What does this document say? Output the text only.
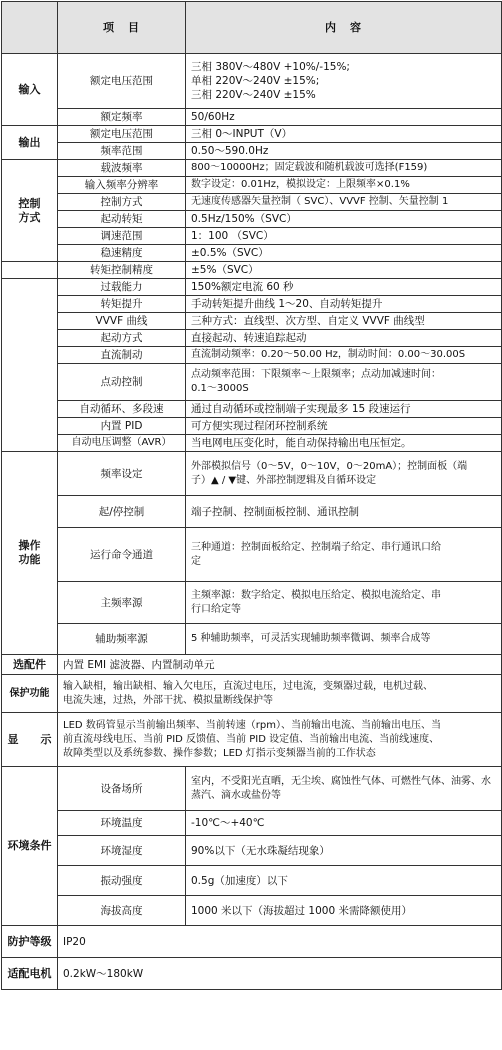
	项目	内容
输入	额定电压范围	三相 380V～480V +10%/-15%;
单相 220V～240V ±15%;
三相 220V～240V ±15%

	额定频率	50/60Hz
输出	额定电压范围	三相 0～INPUT（V）
	频率范围	0.50～590.0Hz

控制
方式	载波频率	800～10000Hz；固定载波和随机载波可选择(F159)
	输入频率分辨率	数字设定：0.01Hz，模拟设定：上限频率×0.1%
	控制方式	无速度传感器矢量控制（ SVC）、VVVF 控制、矢量控制 1
	起动转矩	0.5Hz/150%（SVC）
	调速范围	1：100 （SVC）
	稳速精度	±0.5%（SVC）
	转矩控制精度	±5%（SVC）
	过载能力	150%额定电流 60 秒
	转矩提升	手动转矩提升曲线 1～20、自动转矩提升
	VVVF 曲线	三种方式：直线型、次方型、自定义 VVVF 曲线型
	起动方式	直接起动、转速追踪起动
	直流制动	直流制动频率：0.20～50.00 Hz，制动时间：0.00～30.00S
	点动控制	点动频率范围：下限频率～上限频率；点动加减速时间：
0.1～3000S

	自动循环、多段速	通过自动循环或控制端子实现最多 15 段速运行
	内置 PID	可方便实现过程闭环控制系统
	自动电压调整（AVR）	当电网电压变化时，能自动保持输出电压恒定。

操作
功能	频率设定	外部模拟信号（0～5V，0～10V，0～20mA）；控制面板（端
子）▲ / ▼键、外部控制逻辑及自循环设定

	起/停控制	端子控制、控制面板控制、通讯控制
	运行命令通道	三种通道：控制面板给定、控制端子给定、串行通讯口给
定

	主频率源	主频率源：数字给定、模拟电压给定、模拟电流给定、串
行口给定等

	辅助频率源	5 种辅助频率，可灵活实现辅助频率微调、频率合成等
选配件	内置 EMI 滤波器、内置制动单元	
保护功能	输入缺相，输出缺相、输入欠电压，直流过电压，过电流，变频器过载，电机过载、
电流失速，过热，外部干扰、模拟量断线保护等	

显　　示	LED 数码管显示当前输出频率、当前转速（rpm）、当前输出电流、当前输出电压、当
前直流母线电压、当前 PID 反馈值、当前 PID 设定值、当前输出电流、当前线速度、
故障类型以及系统参数、操作参数；LED 灯指示变频器当前的工作状态	

环境条件	设备场所	室内，不受阳光直晒，无尘埃、腐蚀性气体、可燃性气体、油雾、水
蒸汽、滴水或盐份等

	环境温度	-10℃～+40℃
	环境湿度	90%以下（无水珠凝结现象）
	振动强度	0.5g（加速度）以下
	海拔高度	1000 米以下（海拔超过 1000 米需降额使用）
防护等级	IP20	
适配电机	0.2kW～180kW	
